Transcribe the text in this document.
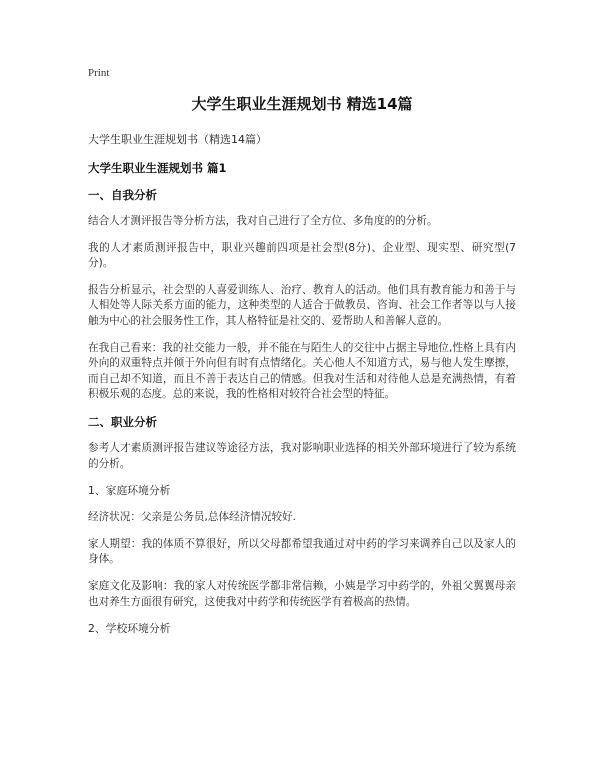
Print
大学生职业生涯规划书 精选14篇
大学生职业生涯规划书（精选14篇）
大学生职业生涯规划书 篇1
一、自我分析
结合人才测评报告等分析方法，我对自己进行了全方位、多角度的的分析。
我的人才素质测评报告中，职业兴趣前四项是社会型(8分)、企业型、现实型、研究型(7分)。
报告分析显示，社会型的人喜爱训练人、治疗、教育人的活动。他们具有教育能力和善于与人相处等人际关系方面的能力，这种类型的人适合于做教员、咨询、社会工作者等以与人接触为中心的社会服务性工作，其人格特征是社交的、爱帮助人和善解人意的。
在我自己看来：我的社交能力一般，并不能在与陌生人的交往中占据主导地位,性格上具有内外向的双重特点并倾于外向但有时有点情绪化。关心他人不知道方式，易与他人发生摩擦，而自己却不知道，而且不善于表达自己的情感。但我对生活和对待他人总是充满热情，有着积极乐观的态度。总的来说，我的性格相对较符合社会型的特征。
二、职业分析
参考人才素质测评报告建议等途径方法，我对影响职业选择的相关外部环境进行了较为系统的分析。
1、家庭环境分析
经济状况：父亲是公务员,总体经济情况较好.
家人期望：我的体质不算很好，所以父母都希望我通过对中药的学习来调养自己以及家人的身体。
家庭文化及影响：我的家人对传统医学都非常信赖，小姨是学习中药学的，外祖父翼翼母亲也对养生方面很有研究，这使我对中药学和传统医学有着极高的热情。
2、学校环境分析
